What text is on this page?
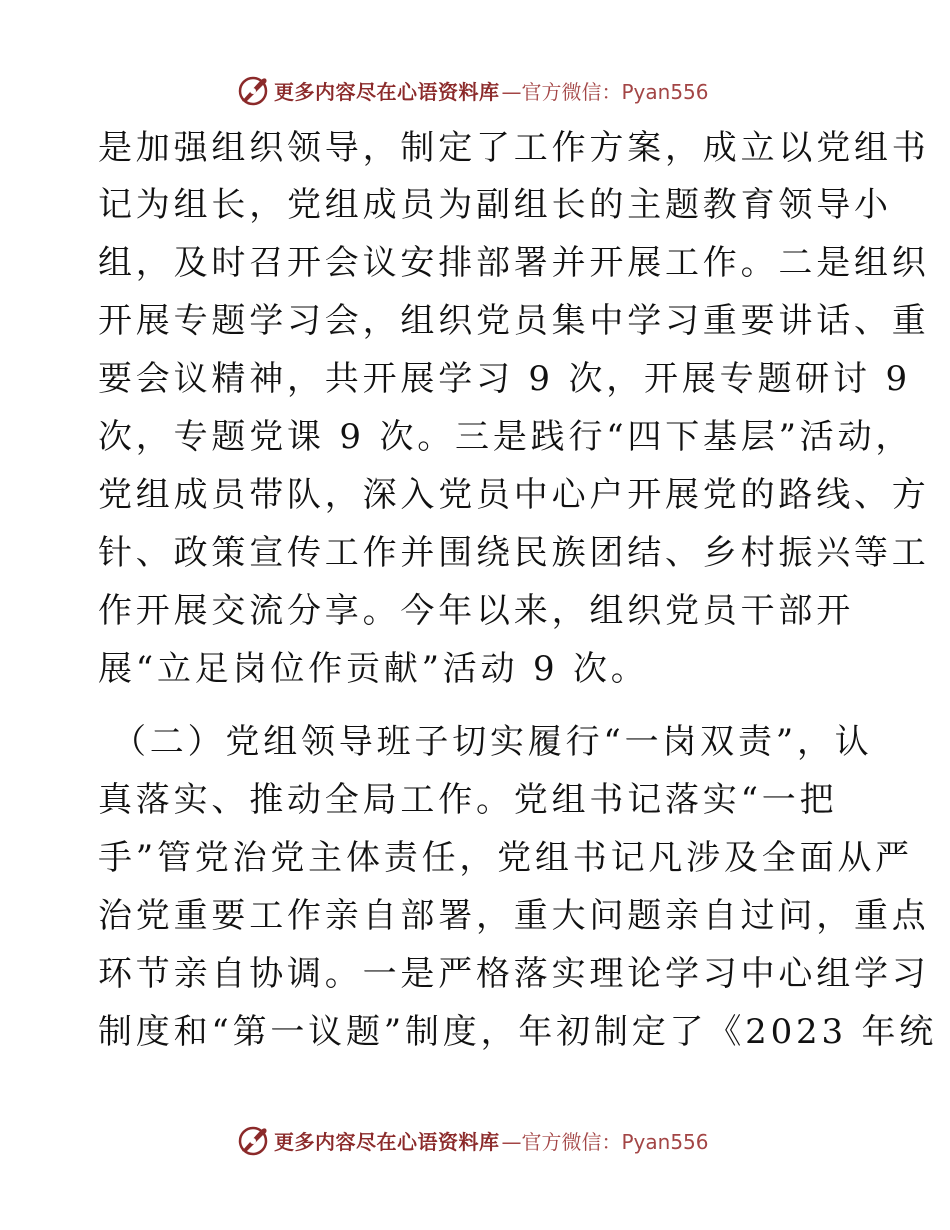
更多内容尽在心语资料库 —官方微信：Pyan556
是加强组织领导，制定了工作方案，成立以党组书
记为组长，党组成员为副组长的主题教育领导小
组，及时召开会议安排部署并开展工作。二是组织
开展专题学习会，组织党员集中学习重要讲话、重
要会议精神，共开展学习 9 次，开展专题研讨 9
次，专题党课 9 次。三是践行“四下基层”活动，
党组成员带队，深入党员中心户开展党的路线、方
针、政策宣传工作并围绕民族团结、乡村振兴等工
作开展交流分享。今年以来，组织党员干部开
展“立足岗位作贡献”活动 9 次。
（二）党组领导班子切实履行“一岗双责”，认
真落实、推动全局工作。党组书记落实“一把
手”管党治党主体责任，党组书记凡涉及全面从严
治党重要工作亲自部署，重大问题亲自过问，重点
环节亲自协调。一是严格落实理论学习中心组学习
制度和“第一议题”制度，年初制定了《2023 年统
更多内容尽在心语资料库 —官方微信：Pyan556
